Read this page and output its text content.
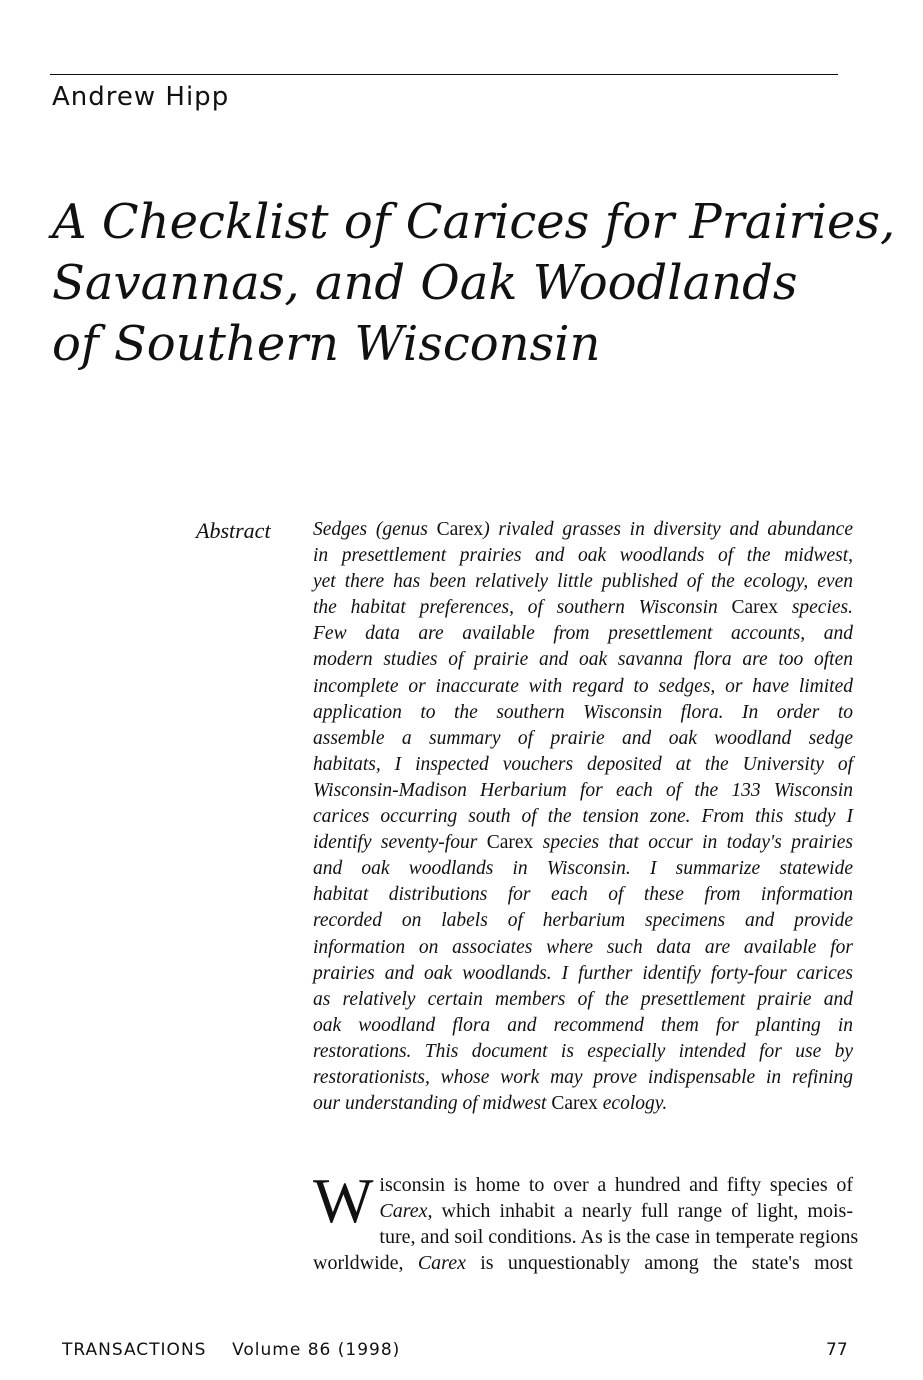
Andrew Hipp
A Checklist of Carices for Prairies,
Savannas, and Oak Woodlands
of Southern Wisconsin
Abstract Sedges (genus Carex) rivaled grasses in diversity and abundance
in presettlement prairies and oak woodlands of the midwest,
yet there has been relatively little published of the ecology, even
the habitat preferences, of southern Wisconsin Carex species.
Few data are available from presettlement accounts, and
modern studies of prairie and oak savanna flora are too often
incomplete or inaccurate with regard to sedges, or have limited
application to the southern Wisconsin flora. In order to
assemble a summary of prairie and oak woodland sedge
habitats, I inspected vouchers deposited at the University of
Wisconsin-Madison Herbarium for each of the 133 Wisconsin
carices occurring south of the tension zone. From this study I
identify seventy-four Carex species that occur in today's prairies
and oak woodlands in Wisconsin. I summarize statewide
habitat distributions for each of these from information
recorded on labels of herbarium specimens and provide
information on associates where such data are available for
prairies and oak woodlands. I further identify forty-four carices
as relatively certain members of the presettlement prairie and
oak woodland flora and recommend them for planting in
restorations. This document is especially intended for use by
restorationists, whose work may prove indispensable in refining
our understanding of midwest Carex ecology.
W isconsin is home to over a hundred and fifty species of
Carex, which inhabit a nearly full range of light, mois-
ture, and soil conditions. As is the case in temperate regions
worldwide, Carex is unquestionably among the state's most
TRANSACTIONS Volume 86 (1998)	77
